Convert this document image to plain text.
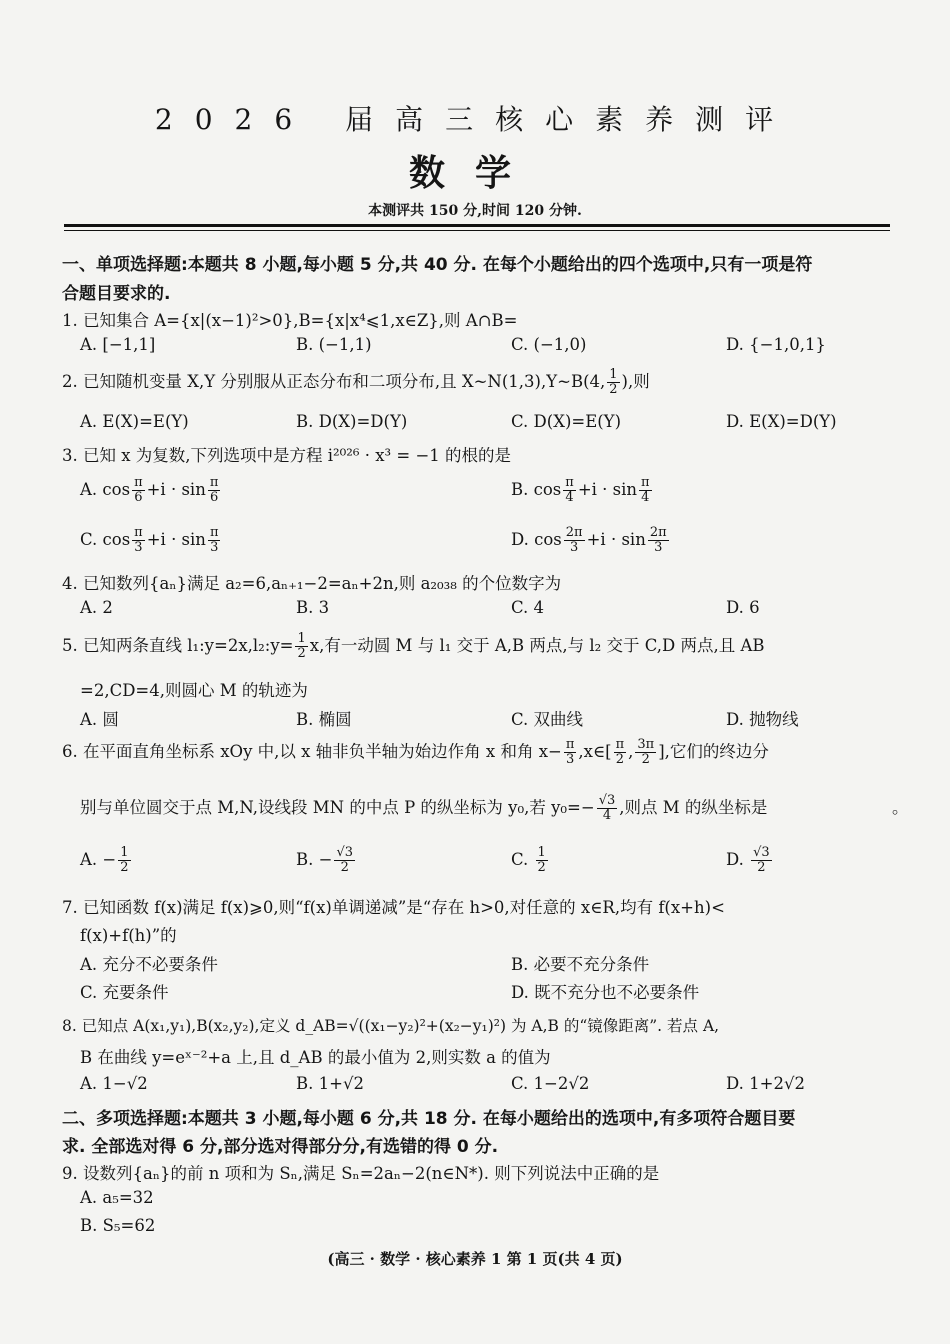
2026 届高三核心素养测评
数学
本测评共 150 分,时间 120 分钟.
一、单项选择题:本题共 8 小题,每小题 5 分,共 40 分. 在每个小题给出的四个选项中,只有一项是符
合题目要求的.
1. 已知集合 A={x|(x−1)²>0},B={x|x⁴⩽1,x∈Z},则 A∩B=
A. [−1,1]	B. (−1,1)	C. (−1,0)	D. {−1,0,1}
2. 已知随机变量 X,Y 分别服从正态分布和二项分布,且 X~N(1,3),Y~B(4, $\frac{1}{2}$ ),则
A. E(X)=E(Y)	B. D(X)=D(Y)	C. D(X)=E(Y)	D. E(X)=D(Y)
3. 已知 x 为复数,下列选项中是方程 i²⁰²⁶ · x³ = −1 的根的是
A. $\cos \frac{\pi}{6} +i \cdot \sin \frac{\pi}{6}$	B. $\cos \frac{\pi}{4} +i \cdot \sin \frac{\pi}{4}$
C. $\cos \frac{\pi}{3} +i \cdot \sin \frac{\pi}{3}$	D. $\cos \frac{2\pi}{3} +i \cdot \sin \frac{2\pi}{3}$
4. 已知数列{aₙ}满足 a₂=6,aₙ₊₁−2=aₙ+2n,则 a₂₀₃₈ 的个位数字为
A. 2	B. 3	C. 4	D. 6
5. 已知两条直线 l₁:y=2x,l₂:y= $\frac{1}{2} x$,有一动圆 M 与 l₁ 交于 A,B 两点,与 l₂ 交于 C,D 两点,且 AB
=2,CD=4,则圆心 M 的轨迹为
A. 圆	B. 椭圆	C. 双曲线	D. 抛物线
6. 在平面直角坐标系 xOy 中,以 x 轴非负半轴为始边作角 x 和角 $x- \frac{\pi}{3}$ ,x∈[ $\frac{\pi}{2}$ , $\frac{3\pi}{2}$ ],它们的终边分
别与单位圆交于点 M,N,设线段 MN 的中点 P 的纵坐标为 y₀,若 $y_0=- \frac{√3}{4}$ ,则点 M 的纵坐标是	。
A. − $\frac{1}{2}$	B. − $\frac{√3}{2}$	C. $\frac{1}{2}$	D. $\frac{√3}{2}$
7. 已知函数 f(x)满足 f(x)⩾0,则“f(x)单调递减”是“存在 h>0,对任意的 x∈R,均有 f(x+h)<
f(x)+f(h)”的
A. 充分不必要条件	B. 必要不充分条件
C. 充要条件	D. 既不充分也不必要条件
8. 已知点 A(x₁,y₁),B(x₂,y₂),定义 d_AB=√((x₁−y₂)²+(x₂−y₁)²) 为 A,B 的“镜像距离”. 若点 A,
B 在曲线 y=eˣ⁻²+a 上,且 d_AB 的最小值为 2,则实数 a 的值为
A. 1−√2	B. 1+√2	C. 1−2√2	D. 1+2√2
二、多项选择题:本题共 3 小题,每小题 6 分,共 18 分. 在每小题给出的选项中,有多项符合题目要
求. 全部选对得 6 分,部分选对得部分分,有选错的得 0 分.
9. 设数列{aₙ}的前 n 项和为 Sₙ,满足 Sₙ=2aₙ−2(n∈N*). 则下列说法中正确的是
A. a₅=32
B. S₅=62
(高三 · 数学 · 核心素养 1 第 1 页(共 4 页)
